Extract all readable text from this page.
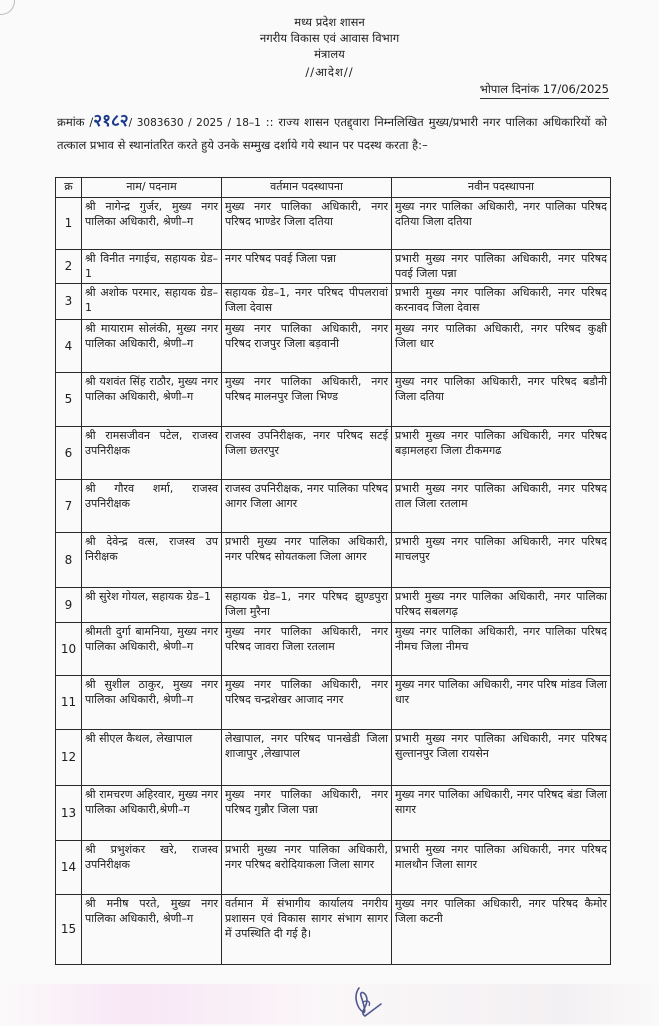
मध्य प्रदेश शासन
नगरीय विकास एवं आवास विभाग
मंत्रालय
//आदेश//
भोपाल दिनांक 17/06/2025
क्रमांक /२१८२/ 3083630 / 2025 / 18–1 :: राज्य शासन एतद्द्वारा निम्नलिखित मुख्य/प्रभारी नगर पालिका अधिकारियों को तत्काल प्रभाव से स्थानांतरित करते हुये उनके सम्मुख दर्शाये गये स्थान पर पदस्थ करता है:–
क्र	नाम/ पदनाम	वर्तमान पदस्थापना	नवीन पदस्थापना
1	श्री नागेन्द्र गुर्जर, मुख्य नगर पालिका अधिकारी, श्रेणी–ग	मुख्य नगर पालिका अधिकारी, नगर परिषद भाण्डेर जिला दतिया	मुख्य नगर पालिका अधिकारी, नगर पालिका परिषद दतिया जिला दतिया
2	श्री विनीत नगाईच, सहायक ग्रेड–1	नगर परिषद पवई जिला पन्ना	प्रभारी मुख्य नगर पालिका अधिकारी, नगर परिषद पवई जिला पन्ना
3	श्री अशोक परमार, सहायक ग्रेड–1	सहायक ग्रेड–1, नगर परिषद पीपलरावां जिला देवास	प्रभारी मुख्य नगर पालिका अधिकारी, नगर परिषद करनावद जिला देवास
4	श्री मायाराम सोलंकी, मुख्य नगर पालिका अधिकारी, श्रेणी–ग	मुख्य नगर पालिका अधिकारी, नगर परिषद राजपुर जिला बड़वानी	मुख्य नगर पालिका अधिकारी, नगर परिषद कुक्षी जिला धार
5	श्री यशवंत सिंह राठौर, मुख्य नगर पालिका अधिकारी, श्रेणी–ग	मुख्य नगर पालिका अधिकारी, नगर परिषद मालनपुर जिला भिण्ड	मुख्य नगर पालिका अधिकारी, नगर परिषद बडौनी जिला दतिया
6	श्री रामसजीवन पटेल, राजस्व उपनिरीक्षक	राजस्व उपनिरीक्षक, नगर परिषद सटई जिला छतरपुर	प्रभारी मुख्य नगर पालिका अधिकारी, नगर परिषद बड़ामलहरा जिला टीकमगढ
7	श्री गौरव शर्मा, राजस्व उपनिरीक्षक	राजस्व उपनिरीक्षक, नगर पालिका परिषद आगर जिला आगर	प्रभारी मुख्य नगर पालिका अधिकारी, नगर परिषद ताल जिला रतलाम
8	श्री देवेन्द्र वत्स, राजस्व उप निरीक्षक	प्रभारी मुख्य नगर पालिका अधिकारी, नगर परिषद सोयतकला जिला आगर	प्रभारी मुख्य नगर पालिका अधिकारी, नगर परिषद माचलपुर
9	श्री सुरेश गोयल, सहायक ग्रेड–1	सहायक ग्रेड–1, नगर परिषद झुण्डपुरा जिला मुरैना	प्रभारी मुख्य नगर पालिका अधिकारी, नगर पालिका परिषद सबलगढ़
10	श्रीमती दुर्गा बामनिया, मुख्य नगर पालिका अधिकारी, श्रेणी–ग	मुख्य नगर पालिका अधिकारी, नगर परिषद जावरा जिला रतलाम	मुख्य नगर पालिका अधिकारी, नगर पालिका परिषद नीमच जिला नीमच
11	श्री सुशील ठाकुर, मुख्य नगर पालिका अधिकारी, श्रेणी–ग	मुख्य नगर पालिका अधिकारी, नगर परिषद चन्द्रशेखर आजाद नगर	मुख्य नगर पालिका अधिकारी, नगर परिष मांडव जिला धार
12	श्री सीएल कैथल, लेखापाल	लेखापाल, नगर परिषद पानखेडी जिला शाजापुर ,लेखापाल	प्रभारी मुख्य नगर पालिका अधिकारी, नगर परिषद सुल्तानपुर जिला रायसेन
13	श्री रामचरण अहिरवार, मुख्य नगर पालिका अधिकारी,श्रेणी–ग	मुख्य नगर पालिका अधिकारी, नगर परिषद गुन्नौर जिला पन्ना	मुख्य नगर पालिका अधिकारी, नगर परिषद बंडा जिला सागर
14	श्री प्रभुशंकर खरे, राजस्व उपनिरीक्षक	प्रभारी मुख्य नगर पालिका अधिकारी, नगर परिषद बरोदियाकला जिला सागर	प्रभारी मुख्य नगर पालिका अधिकारी, नगर परिषद मालथौन जिला सागर
15	श्री मनीष परते, मुख्य नगर पालिका अधिकारी, श्रेणी–ग	वर्तमान में संभागीय कार्यालय नगरीय प्रशासन एवं विकास सागर संभाग सागर में उपस्थिति दी गई है।	मुख्य नगर पालिका अधिकारी, नगर परिषद कैमोर जिला कटनी
